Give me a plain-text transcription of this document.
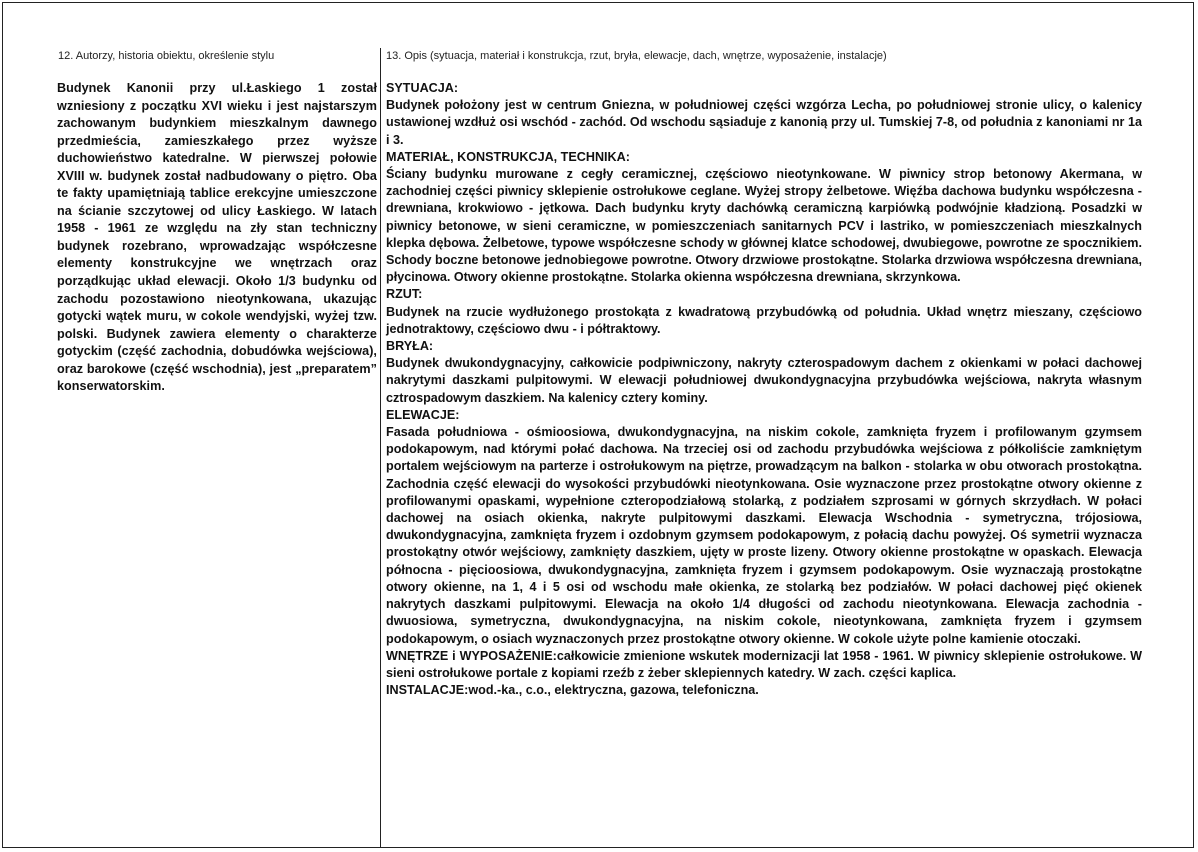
12. Autorzy, historia obiektu, określenie stylu	13. Opis (sytuacja, materiał i konstrukcja, rzut, bryła, elewacje, dach, wnętrze, wyposażenie, instalacje)
Budynek Kanonii przy ul.Łaskiego 1 został wzniesiony z początku XVI wieku i jest najstarszym zachowanym budynkiem mieszkalnym dawnego przedmieścia, zamieszkałego przez wyższe duchowieństwo katedralne. W pierwszej połowie XVIII w. budynek został nadbudowany o piętro. Oba te fakty upamiętniają tablice erekcyjne umieszczone na ścianie szczytowej od ulicy Łaskiego. W latach 1958 - 1961 ze względu na zły stan techniczny budynek rozebrano, wprowadzając współczesne elementy konstrukcyjne we wnętrzach oraz porządkując układ elewacji. Około 1/3 budynku od zachodu pozostawiono nieotynkowana, ukazując gotycki wątek muru, w cokole wendyjski, wyżej tzw. polski. Budynek zawiera elementy o charakterze gotyckim (część zachodnia, dobudówka wejściowa), oraz barokowe (część wschodnia), jest „preparatem” konserwatorskim.
SYTUACJA:

Budynek położony jest w centrum Gniezna, w południowej części wzgórza Lecha, po południowej stronie ulicy, o kalenicy ustawionej wzdłuż osi wschód - zachód. Od wschodu sąsiaduje z kanonią przy ul. Tumskiej 7-8, od południa z kanoniami nr 1a i 3.

MATERIAŁ, KONSTRUKCJA, TECHNIKA:

Ściany budynku murowane z cegły ceramicznej, częściowo nieotynkowane. W piwnicy strop betonowy Akermana, w zachodniej części piwnicy sklepienie ostrołukowe ceglane. Wyżej stropy żelbetowe. Więźba dachowa budynku współczesna - drewniana, krokwiowo - jętkowa. Dach budynku kryty dachówką ceramiczną karpiówką podwójnie kładzioną. Posadzki w piwnicy betonowe, w sieni ceramiczne, w pomieszczeniach sanitarnych PCV i lastriko, w pomieszczeniach mieszkalnych klepka dębowa. Żelbetowe, typowe współczesne schody w głównej klatce schodowej, dwubiegowe, powrotne ze spocznikiem. Schody boczne betonowe jednobiegowe powrotne. Otwory drzwiowe prostokątne. Stolarka drzwiowa współczesna drewniana, płycinowa. Otwory okienne prostokątne. Stolarka okienna współczesna drewniana, skrzynkowa.

RZUT:

Budynek na rzucie wydłużonego prostokąta z kwadratową przybudówką od południa. Układ wnętrz mieszany, częściowo jednotraktowy, częściowo dwu - i półtraktowy.

BRYŁA:

Budynek dwukondygnacyjny, całkowicie podpiwniczony, nakryty czterospadowym dachem z okienkami w połaci dachowej nakrytymi daszkami pulpitowymi. W elewacji południowej dwukondygnacyjna przybudówka wejściowa, nakryta własnym cztrospadowym daszkiem. Na kalenicy cztery kominy.

ELEWACJE:

Fasada południowa - ośmioosiowa, dwukondygnacyjna, na niskim cokole, zamknięta fryzem i profilowanym gzymsem podokapowym, nad którymi połać dachowa. Na trzeciej osi od zachodu przybudówka wejściowa z półkoliście zamkniętym portalem wejściowym na parterze i ostrołukowym na piętrze, prowadzącym na balkon - stolarka w obu otworach prostokątna. Zachodnia część elewacji do wysokości przybudówki nieotynkowana. Osie wyznaczone przez prostokątne otwory okienne z profilowanymi opaskami, wypełnione czteropodziałową stolarką, z podziałem szprosami w górnych skrzydłach. W połaci dachowej na osiach okienka, nakryte pulpitowymi daszkami. Elewacja Wschodnia - symetryczna, trójosiowa, dwukondygnacyjna, zamknięta fryzem i ozdobnym gzymsem podokapowym, z połacią dachu powyżej. Oś symetrii wyznacza prostokątny otwór wejściowy, zamknięty daszkiem, ujęty w proste lizeny. Otwory okienne prostokątne w opaskach. Elewacja północna - pięcioosiowa, dwukondygnacyjna, zamknięta fryzem i gzymsem podokapowym. Osie wyznaczają prostokątne otwory okienne, na 1, 4 i 5 osi od wschodu małe okienka, ze stolarką bez podziałów. W połaci dachowej pięć okienek nakrytych daszkami pulpitowymi. Elewacja na około 1/4 długości od zachodu nieotynkowana. Elewacja zachodnia - dwuosiowa, symetryczna, dwukondygnacyjna, na niskim cokole, nieotynkowana, zamknięta fryzem i gzymsem podokapowym, o osiach wyznaczonych przez prostokątne otwory okienne. W cokole użyte polne kamienie otoczaki.

WNĘTRZE i WYPOSAŻENIE:całkowicie zmienione wskutek modernizacji lat 1958 - 1961. W piwnicy sklepienie ostrołukowe. W sieni ostrołukowe portale z kopiami rzeźb z żeber sklepiennych katedry. W zach. części kaplica.

INSTALACJE:wod.-ka., c.o., elektryczna, gazowa, telefoniczna.
